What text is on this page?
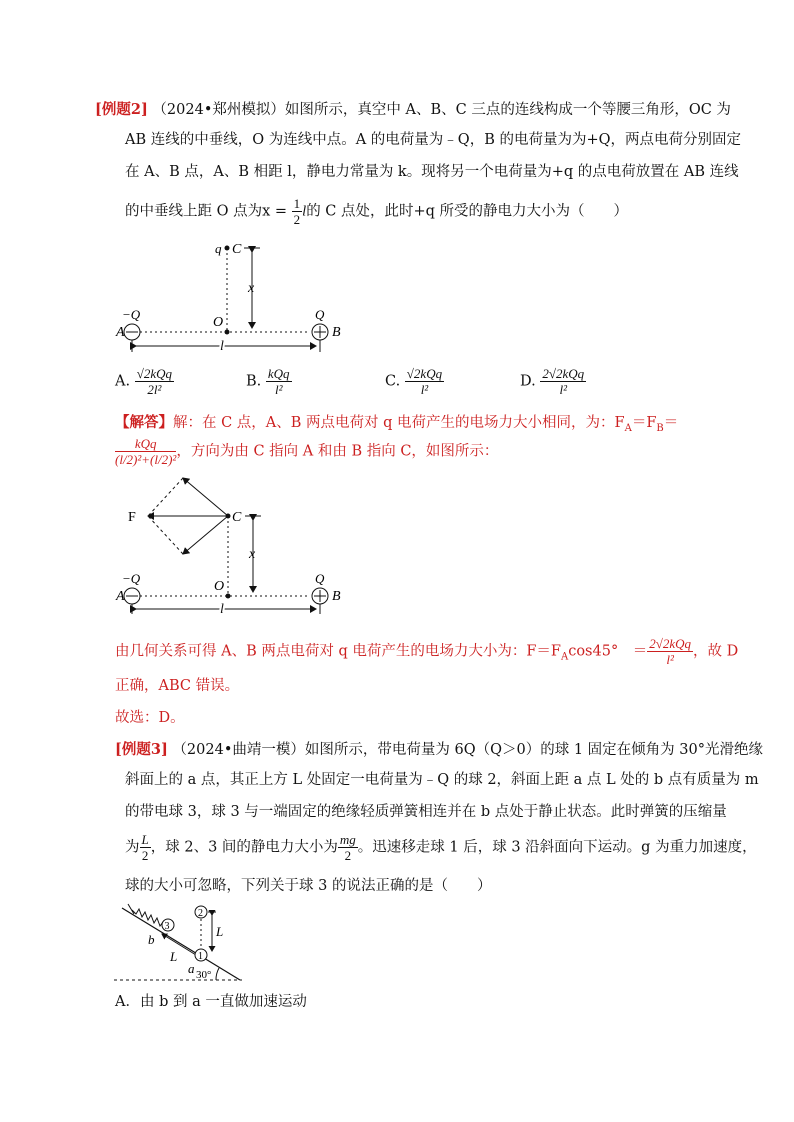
[例题2] （2024•郑州模拟）如图所示，真空中 A、B、C 三点的连线构成一个等腰三角形，OC 为
AB 连线的中垂线，O 为连线中点。A 的电荷量为﹣Q，B 的电荷量为为+Q，两点电荷分别固定
在 A、B 点，A、B 相距 l，静电力常量为 k。现将另一个电荷量为+q 的点电荷放置在 AB 连线
的中垂线上距 O 点为$x = \frac{1}{2}$ l的 C 点处，此时+q 所受的静电力大小为（　　）
x
q C
O
A
−Q
B
Q
l
A. $\frac{\text{√2kQq}}{\text{2l²}}$	B. $\frac{\text{kQq}}{\text{l²}}$	C. $\frac{\text{√2kQq}}{\text{l²}}$	D. $\frac{\text{2√2kQq}}{\text{l²}}$
【解答】解：在 C 点，A、B 两点电荷对 q 电荷产生的电场力大小相同，为：$F_A=F_B=$
$\frac{\text{kQq}}{\text{(l/2)²+(l/2)²}}$ ，方向为由 C 指向 A 和由 B 指向 C，如图所示：
F	C
O
x
A
−Q
B
Q
l
由几何关系可得 A、B 两点电荷对 q 电荷产生的电场力大小为：$F=F_A\cos 45^\circ$　＝ $\frac{\text{2√2kQq}}{\text{l²}}$ ，故 D
正确，ABC 错误。
故选：D。
[例题3] （2024•曲靖一模）如图所示，带电荷量为 6Q（Q＞0）的球 1 固定在倾角为 30°光滑绝缘
斜面上的 a 点，其正上方 L 处固定一电荷量为﹣Q 的球 2，斜面上距 a 点 L 处的 b 点有质量为 m
的带电球 3，球 3 与一端固定的绝缘轻质弹簧相连并在 b 点处于静止状态。此时弹簧的压缩量
为 $\frac{L}{2}$ ，球 2、3 间的静电力大小为 $\frac{mg}{2}$ 。迅速移走球 1 后，球 3 沿斜面向下运动。g 为重力加速度，
球的大小可忽略，下列关于球 3 的说法正确的是（　　）
3
b
L 1
a
2
L
30°
A．由 b 到 a 一直做加速运动
